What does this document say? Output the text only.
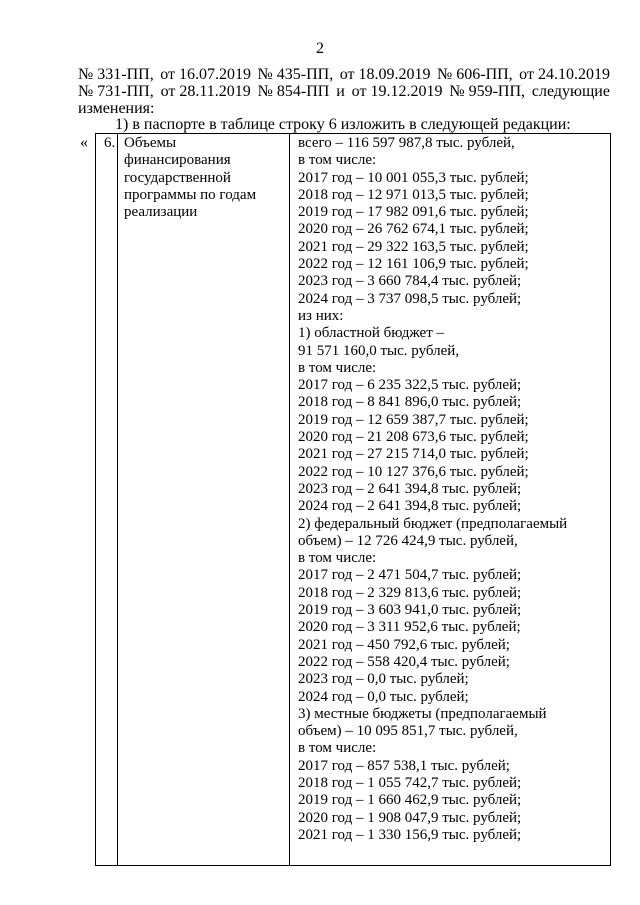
2
№ 331-ПП, от 16.07.2019 № 435-ПП, от 18.09.2019 № 606-ПП, от 24.10.2019
№ 731-ПП, от 28.11.2019 № 854-ПП и от 19.12.2019 № 959-ПП, следующие
изменения:
1) в паспорте в таблице строку 6 изложить в следующей редакции:
« 6. Объемы
финансирования
государственной
программы по годам
реализации
всего – 116 597 987,8 тыс. рублей,
в том числе:
2017 год – 10 001 055,3 тыс. рублей;
2018 год – 12 971 013,5 тыс. рублей;
2019 год – 17 982 091,6 тыс. рублей;
2020 год – 26 762 674,1 тыс. рублей;
2021 год – 29 322 163,5 тыс. рублей;
2022 год – 12 161 106,9 тыс. рублей;
2023 год – 3 660 784,4 тыс. рублей;
2024 год – 3 737 098,5 тыс. рублей;
из них:
1) областной бюджет –
91 571 160,0 тыс. рублей,
в том числе:
2017 год – 6 235 322,5 тыс. рублей;
2018 год – 8 841 896,0 тыс. рублей;
2019 год – 12 659 387,7 тыс. рублей;
2020 год – 21 208 673,6 тыс. рублей;
2021 год – 27 215 714,0 тыс. рублей;
2022 год – 10 127 376,6 тыс. рублей;
2023 год – 2 641 394,8 тыс. рублей;
2024 год – 2 641 394,8 тыс. рублей;
2) федеральный бюджет (предполагаемый
объем) – 12 726 424,9 тыс. рублей,
в том числе:
2017 год – 2 471 504,7 тыс. рублей;
2018 год – 2 329 813,6 тыс. рублей;
2019 год – 3 603 941,0 тыс. рублей;
2020 год – 3 311 952,6 тыс. рублей;
2021 год – 450 792,6 тыс. рублей;
2022 год – 558 420,4 тыс. рублей;
2023 год – 0,0 тыс. рублей;
2024 год – 0,0 тыс. рублей;
3) местные бюджеты (предполагаемый
объем) – 10 095 851,7 тыс. рублей,
в том числе:
2017 год – 857 538,1 тыс. рублей;
2018 год – 1 055 742,7 тыс. рублей;
2019 год – 1 660 462,9 тыс. рублей;
2020 год – 1 908 047,9 тыс. рублей;
2021 год – 1 330 156,9 тыс. рублей;
